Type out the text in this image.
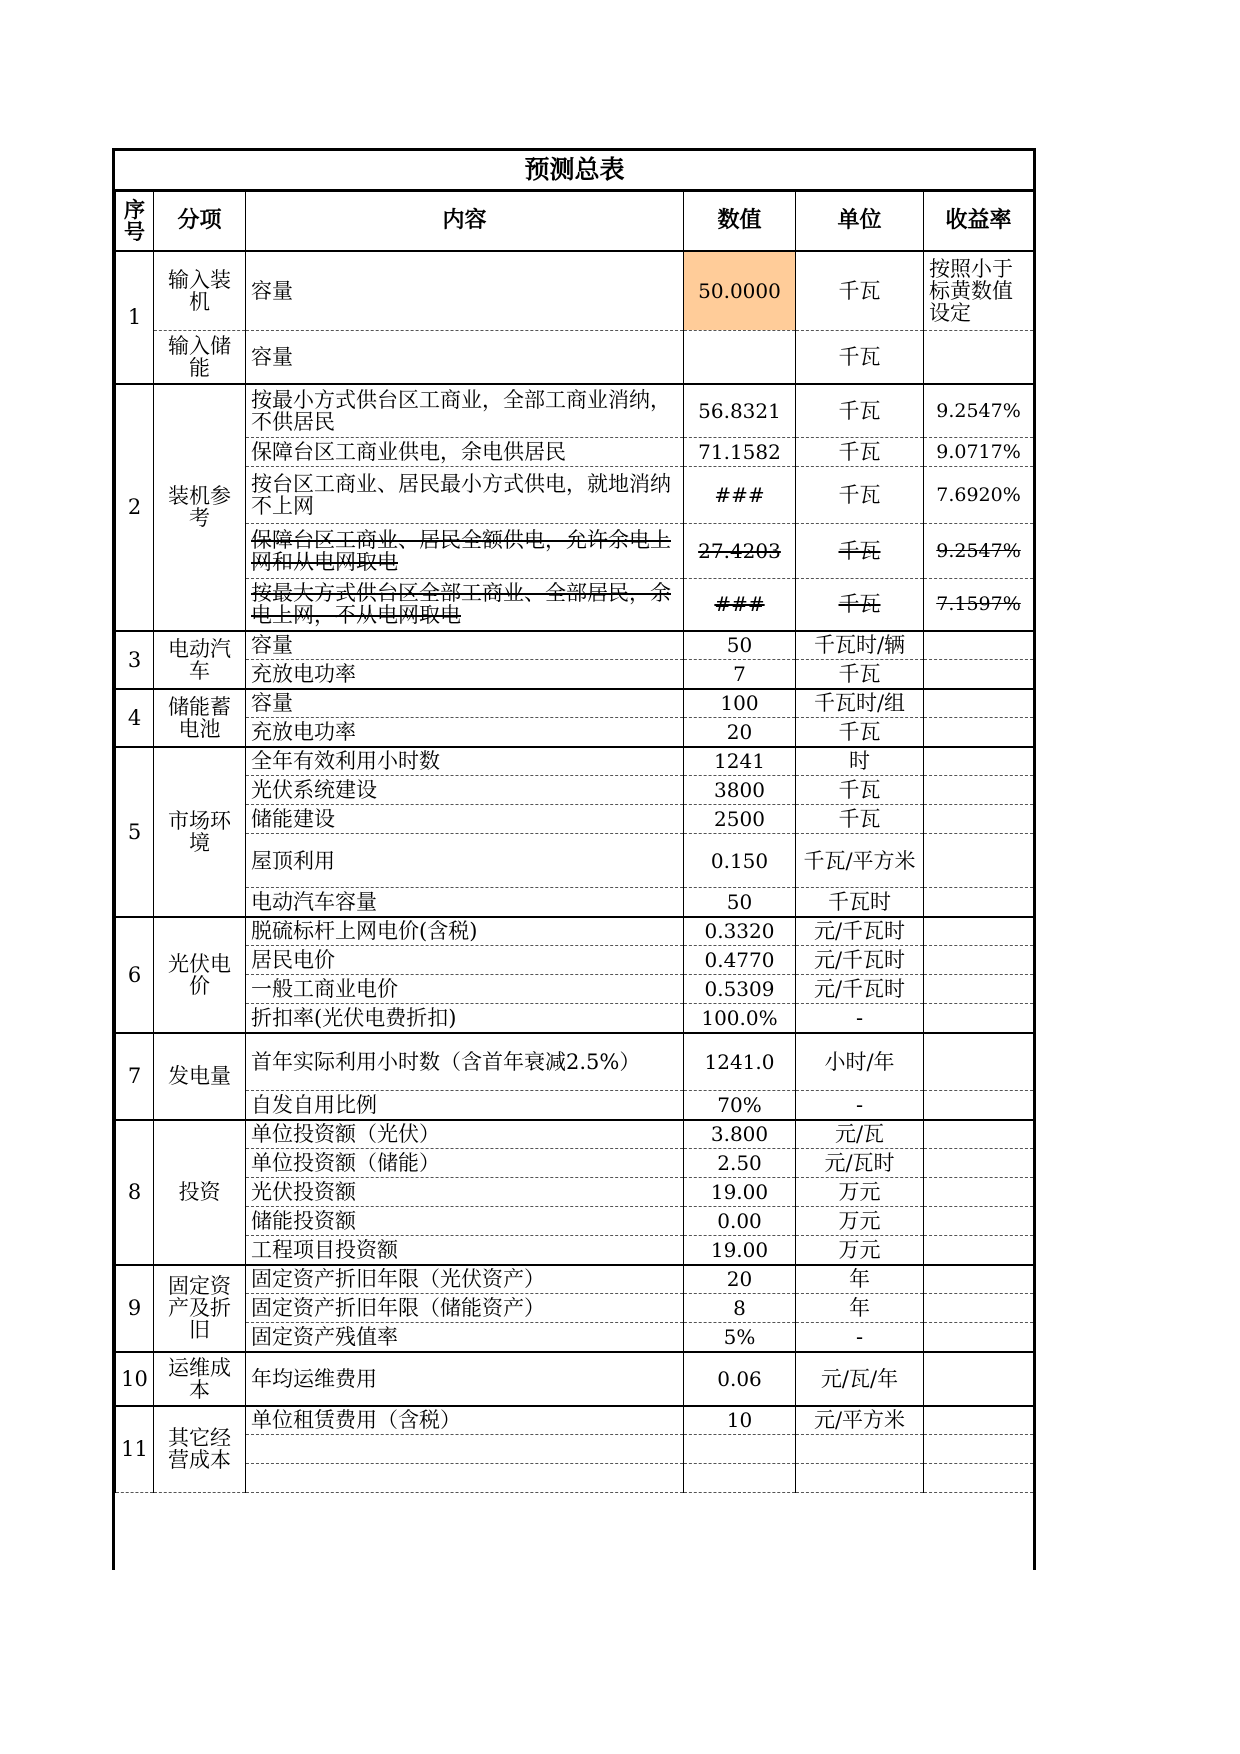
预测总表					
序号	分项	内容	数值	单位	收益率
1	输入装机	容量	50.0000	千瓦	按照小于标黄数值设定
	输入储能	容量		千瓦	
2	装机参考	按最小方式供台区工商业，全部工商业消纳，不供居民	56.8321	千瓦	9.2547%
		保障台区工商业供电，余电供居民	71.1582	千瓦	9.0717%
		按台区工商业、居民最小方式供电，就地消纳不上网	###	千瓦	7.6920%
		保障台区工商业、居民全额供电，允许余电上网和从电网取电	27.4203	千瓦	9.2547%
		按最大方式供台区全部工商业、全部居民，余电上网，不从电网取电	###	千瓦	7.1597%
3	电动汽车	容量	50	千瓦时/辆	
		充放电功率	7	千瓦	
4	储能蓄电池	容量	100	千瓦时/组	
		充放电功率	20	千瓦	
5	市场环境	全年有效利用小时数	1241	时	
		光伏系统建设	3800	千瓦	
		储能建设	2500	千瓦	
		屋顶利用	0.150	千瓦/平方米	
		电动汽车容量	50	千瓦时	
6	光伏电价	脱硫标杆上网电价(含税)	0.3320	元/千瓦时	
		居民电价	0.4770	元/千瓦时	
		一般工商业电价	0.5309	元/千瓦时	
		折扣率(光伏电费折扣)	100.0%	-	
7	发电量	首年实际利用小时数（含首年衰减2.5%）	1241.0	小时/年	
		自发自用比例	70%	-	
8	投资	单位投资额（光伏）	3.800	元/瓦	
		单位投资额（储能）	2.50	元/瓦时	
		光伏投资额	19.00	万元	
		储能投资额	0.00	万元	
		工程项目投资额	19.00	万元	
9	固定资产及折旧	固定资产折旧年限（光伏资产）	20	年	
		固定资产折旧年限（储能资产）	8	年	
		固定资产残值率	5%	-	
10	运维成本	年均运维费用	0.06	元/瓦/年	
11	其它经营成本	单位租赁费用（含税）	10	元/平方米	
